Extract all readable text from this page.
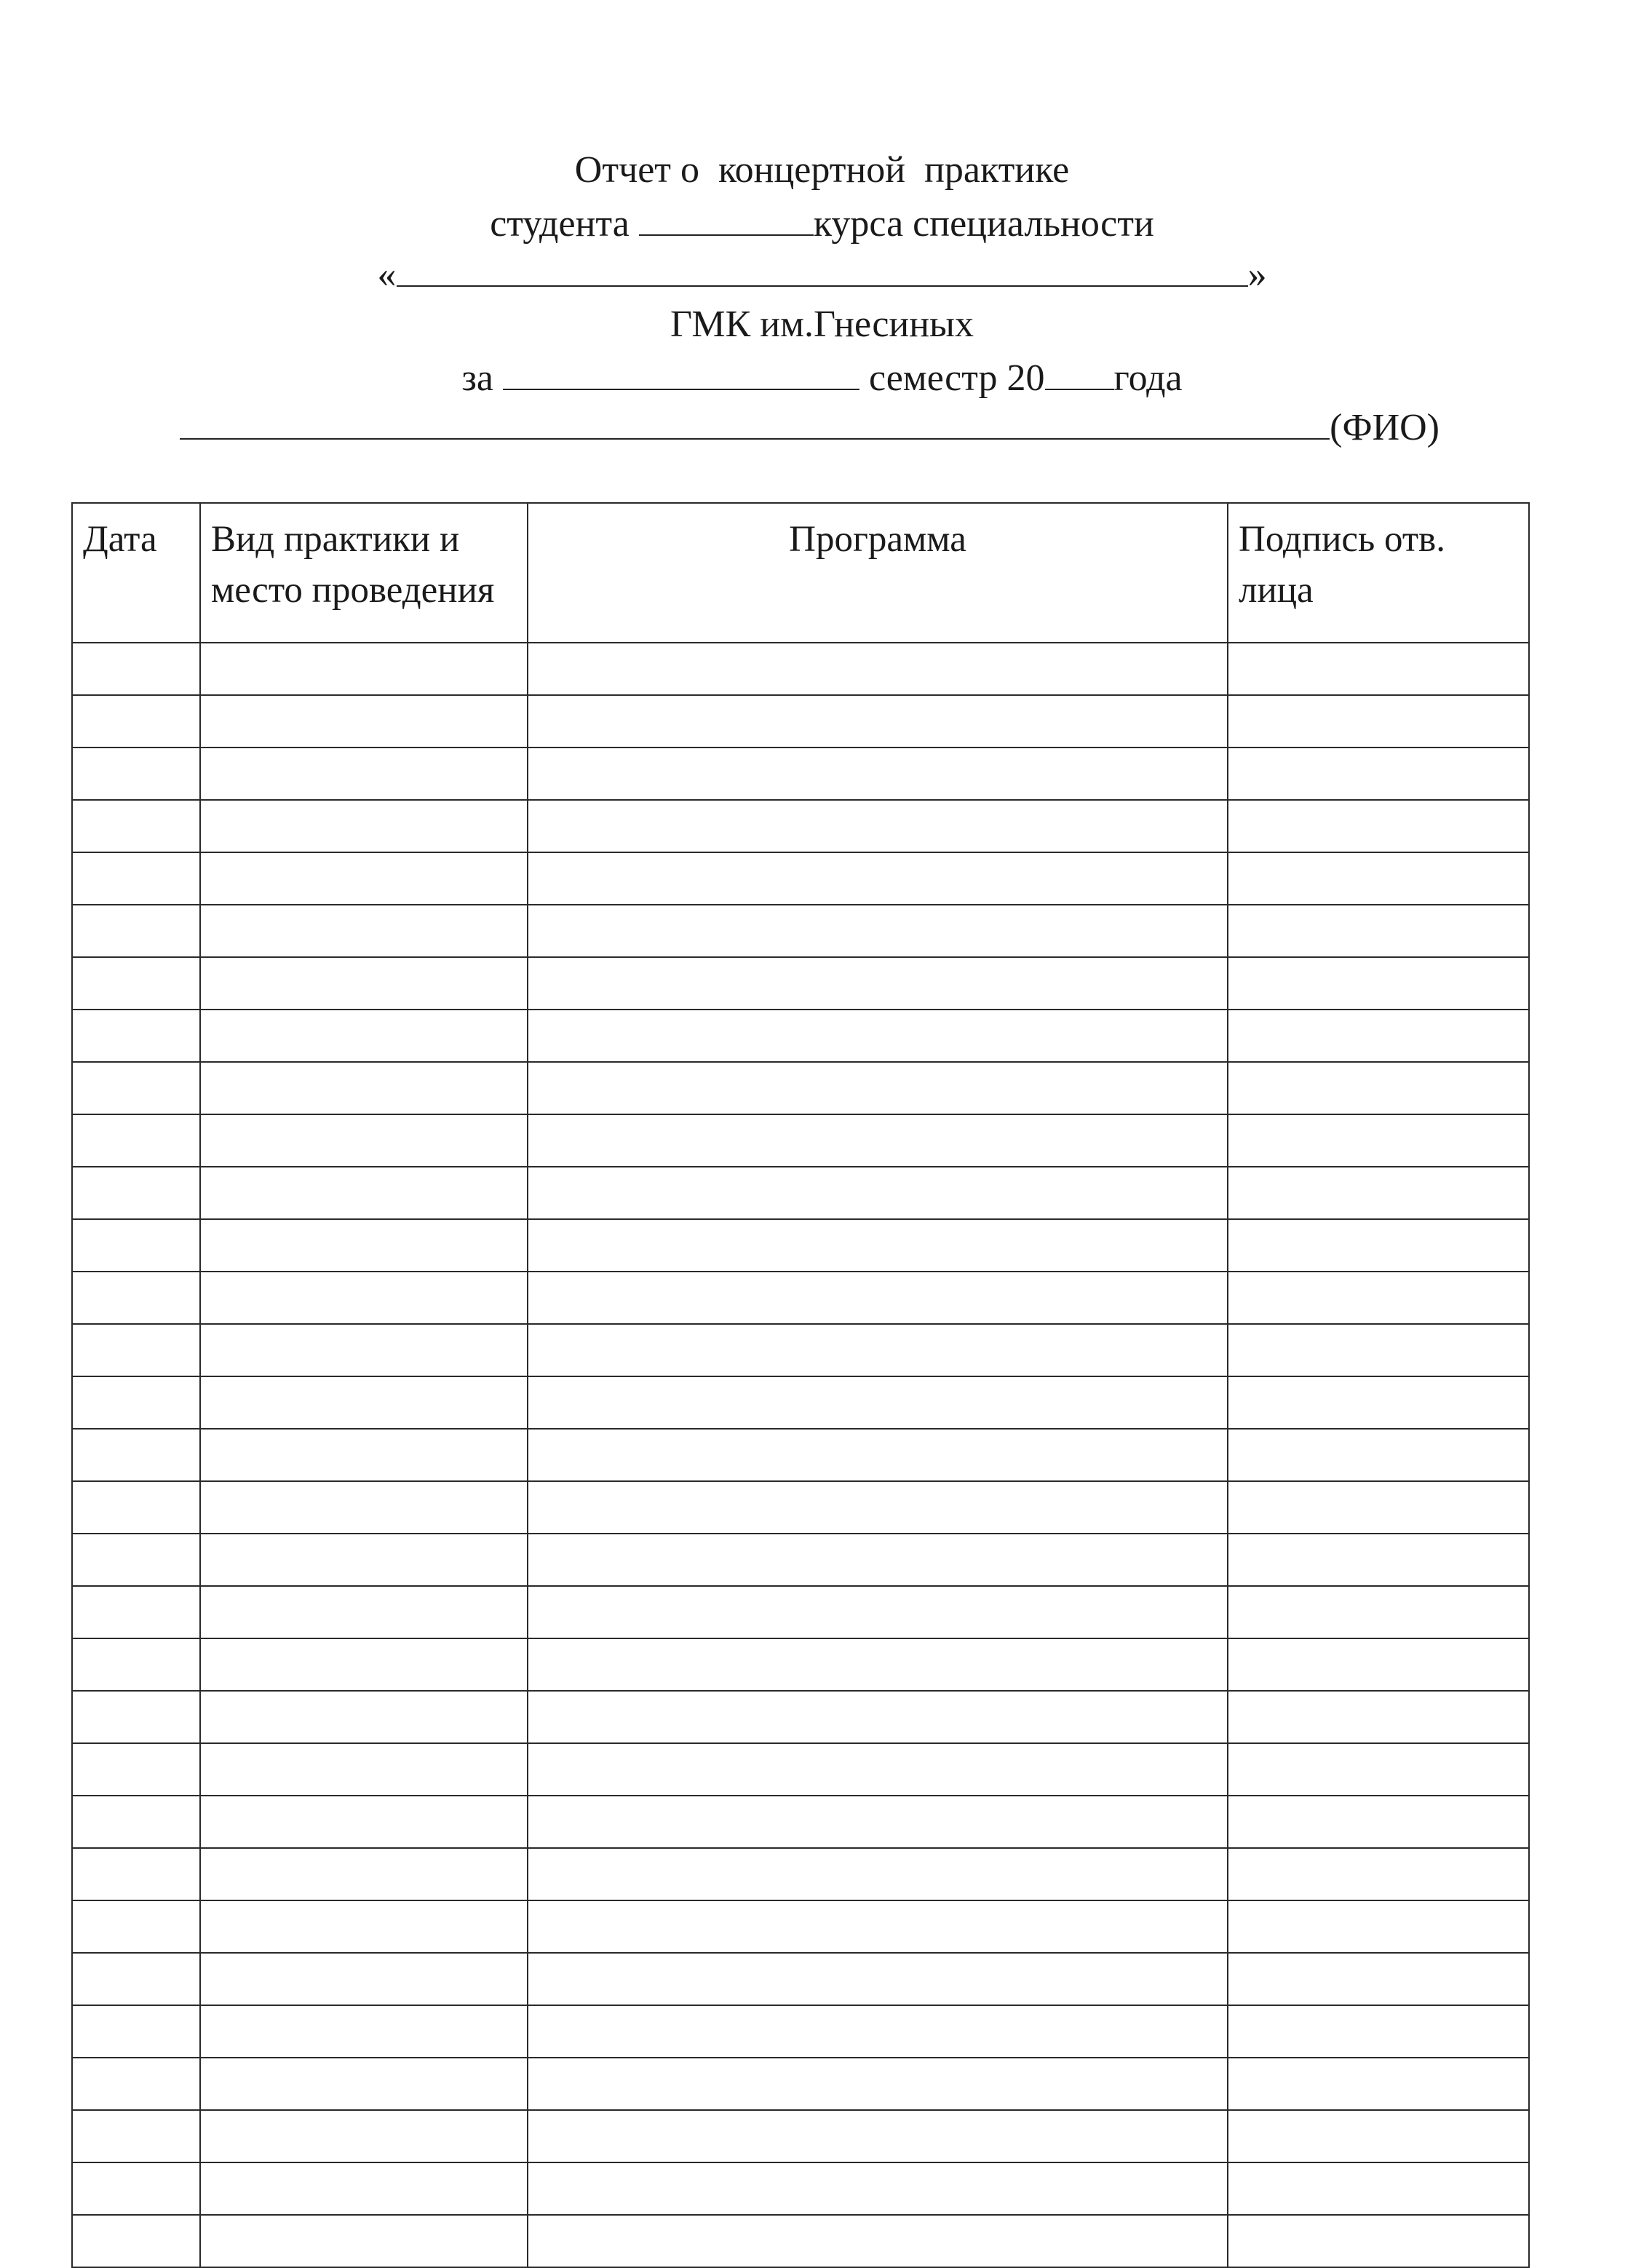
Отчет о  концертной  практике
студента	курса специальности
«	»
ГМК им.Гнесиных
за	семестр 20 года
(ФИО)
Дата	Вид практики и место проведения	Программа	Подпись отв. лица
